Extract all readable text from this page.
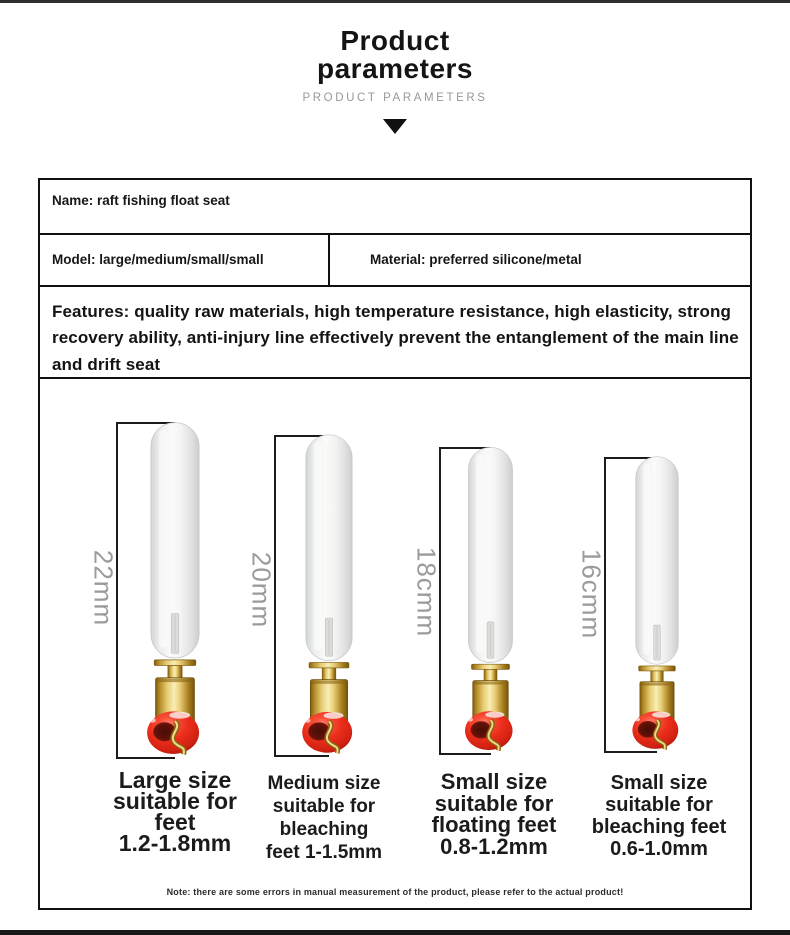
Product
parameters
PRODUCT PARAMETERS
Name: raft fishing float seat
Model: large/medium/small/small	Material: preferred silicone/metal
Features: quality raw materials, high temperature resistance, high elasticity, strong recovery ability, anti-injury line effectively prevent the entanglement of the main line and drift seat
22mm
Large size
suitable for
feet
1.2-1.8mm
20mm
Medium size
suitable for
bleaching
feet 1-1.5mm
18cmm
Small size
suitable for
floating feet
0.8-1.2mm
16cmm
Small size
suitable for
bleaching feet
0.6-1.0mm
Note: there are some errors in manual measurement of the product, please refer to the actual product!
